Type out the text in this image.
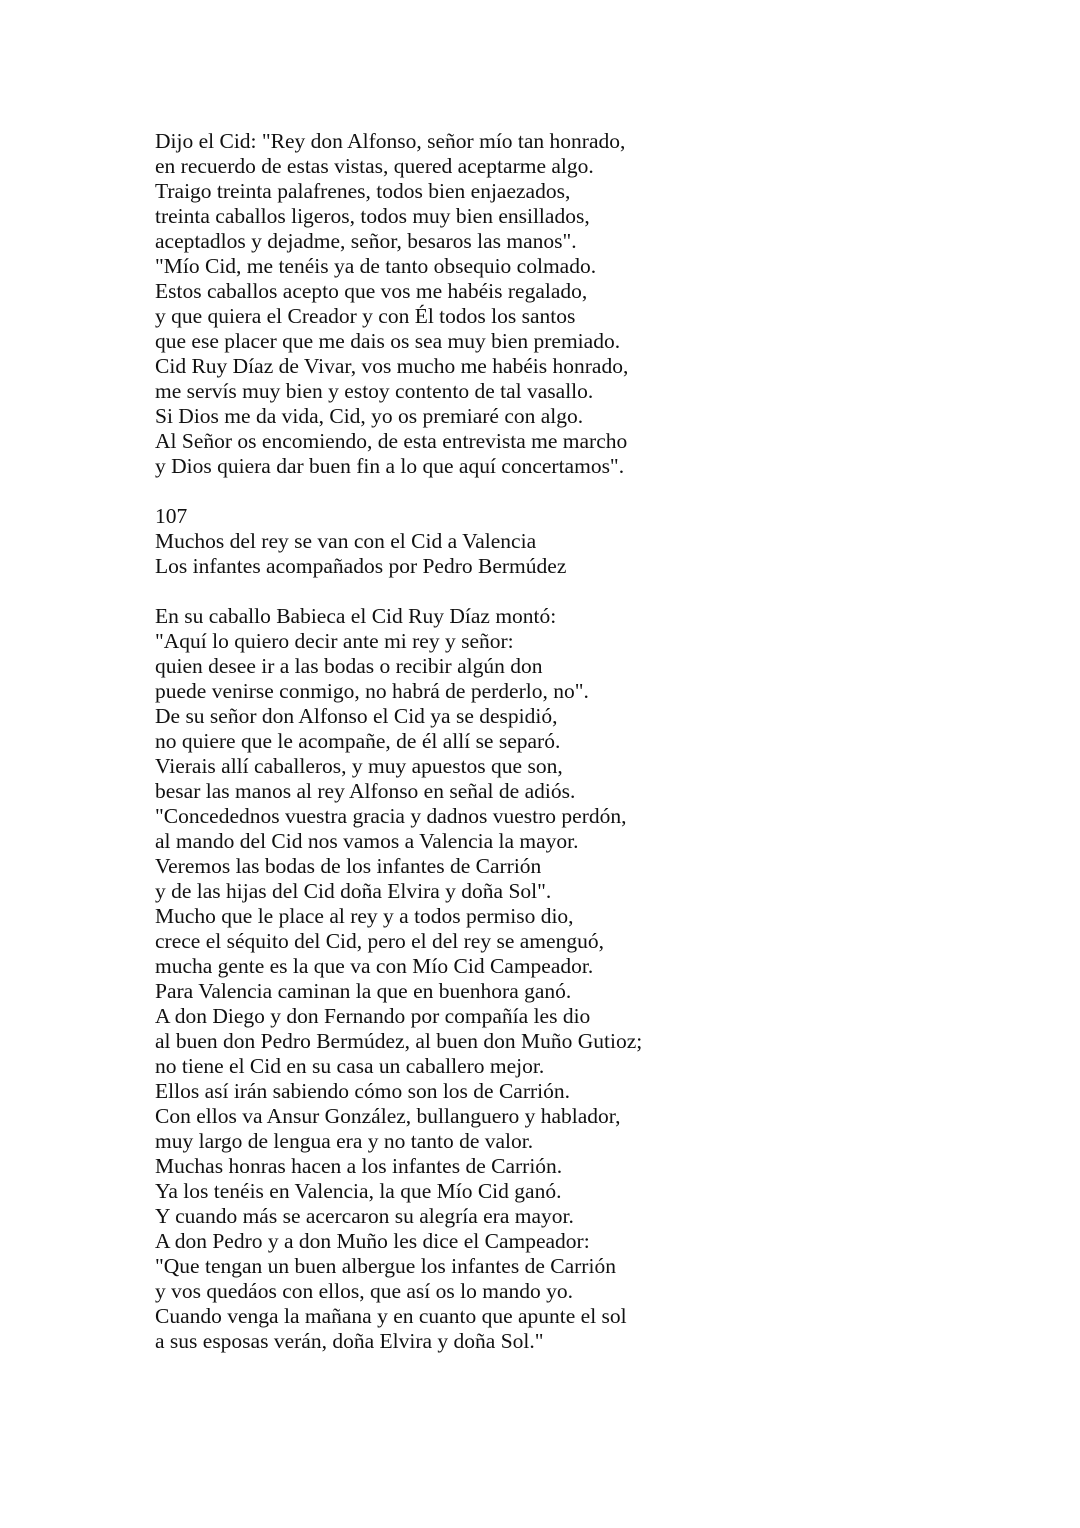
Dijo el Cid: "Rey don Alfonso, señor mío tan honrado,

en recuerdo de estas vistas, quered aceptarme algo.

Traigo treinta palafrenes, todos bien enjaezados,

treinta caballos ligeros, todos muy bien ensillados,

aceptadlos y dejadme, señor, besaros las manos".

"Mío Cid, me tenéis ya de tanto obsequio colmado.

Estos caballos acepto que vos me habéis regalado,

y que quiera el Creador y con Él todos los santos

que ese placer que me dais os sea muy bien premiado.

Cid Ruy Díaz de Vivar, vos mucho me habéis honrado,

me servís muy bien y estoy contento de tal vasallo.

Si Dios me da vida, Cid, yo os premiaré con algo.

Al Señor os encomiendo, de esta entrevista me marcho

y Dios quiera dar buen fin a lo que aquí concertamos".

107

Muchos del rey se van con el Cid a Valencia

Los infantes acompañados por Pedro Bermúdez

En su caballo Babieca el Cid Ruy Díaz montó:

"Aquí lo quiero decir ante mi rey y señor:

quien desee ir a las bodas o recibir algún don

puede venirse conmigo, no habrá de perderlo, no".

De su señor don Alfonso el Cid ya se despidió,

no quiere que le acompañe, de él allí se separó.

Vierais allí caballeros, y muy apuestos que son,

besar las manos al rey Alfonso en señal de adiós.

"Concedednos vuestra gracia y dadnos vuestro perdón,

al mando del Cid nos vamos a Valencia la mayor.

Veremos las bodas de los infantes de Carrión

y de las hijas del Cid doña Elvira y doña Sol".

Mucho que le place al rey y a todos permiso dio,

crece el séquito del Cid, pero el del rey se amenguó,

mucha gente es la que va con Mío Cid Campeador.

Para Valencia caminan la que en buenhora ganó.

A don Diego y don Fernando por compañía les dio

al buen don Pedro Bermúdez, al buen don Muño Gutioz;

no tiene el Cid en su casa un caballero mejor.

Ellos así irán sabiendo cómo son los de Carrión.

Con ellos va Ansur González, bullanguero y hablador,

muy largo de lengua era y no tanto de valor.

Muchas honras hacen a los infantes de Carrión.

Ya los tenéis en Valencia, la que Mío Cid ganó.

Y cuando más se acercaron su alegría era mayor.

A don Pedro y a don Muño les dice el Campeador:

"Que tengan un buen albergue los infantes de Carrión

y vos quedáos con ellos, que así os lo mando yo.

Cuando venga la mañana y en cuanto que apunte el sol

a sus esposas verán, doña Elvira y doña Sol."
